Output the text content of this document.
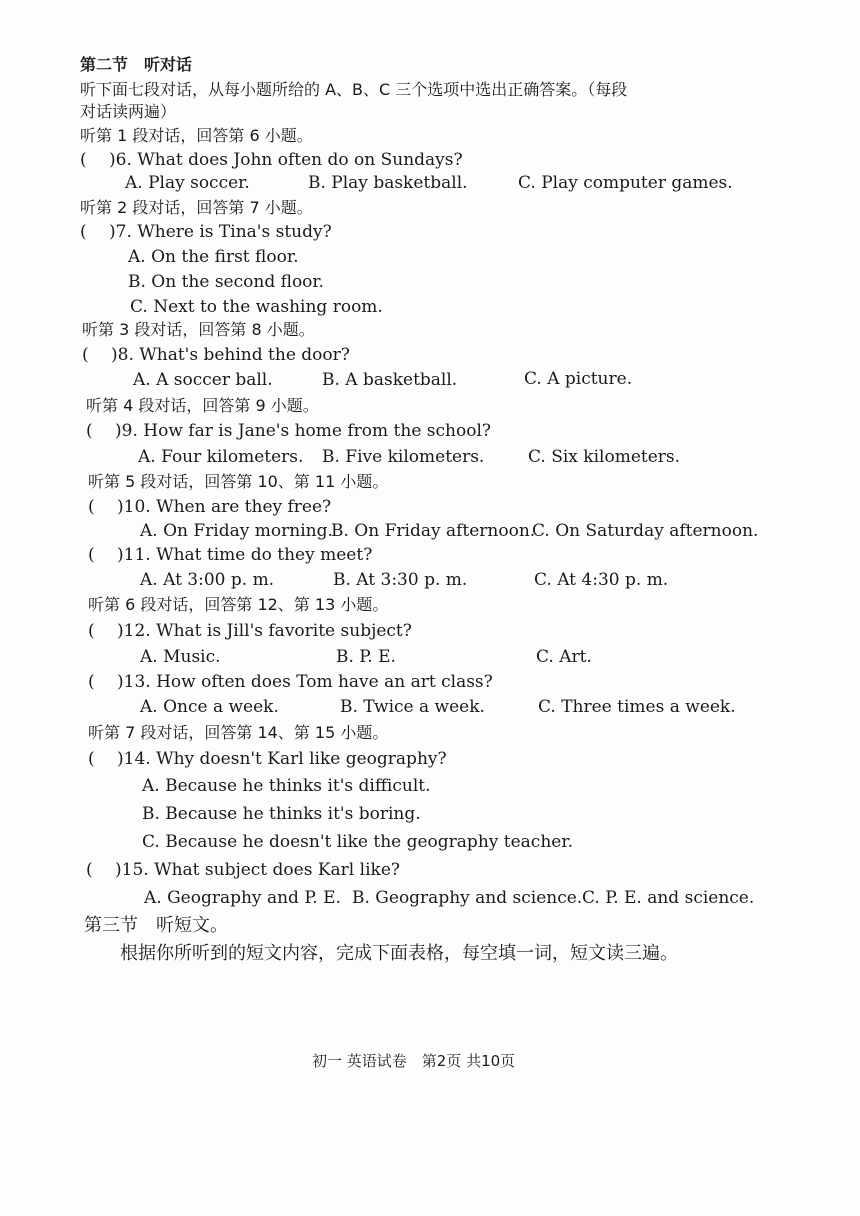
第二节　听对话
听下面七段对话，从每小题所给的 A、B、C 三个选项中选出正确答案。（每段
对话读两遍）
听第 1 段对话，回答第 6 小题。
(　 )6. What does John often do on Sundays?
A. Play soccer.	B. Play basketball.	C. Play computer games.
听第 2 段对话，回答第 7 小题。
(　 )7. Where is Tina's study?
A. On the first floor.
B. On the second floor.
C. Next to the washing room.
听第 3 段对话，回答第 8 小题。
(　 )8. What's behind the door?
A. A soccer ball.	B. A basketball.	C. A picture.
听第 4 段对话，回答第 9 小题。
(　 )9. How far is Jane's home from the school?
A. Four kilometers. B. Five kilometers.	C. Six kilometers.
听第 5 段对话，回答第 10、第 11 小题。
(　 )10. When are they free?
A. On Friday morning.
B. On Friday afternoon.
C. On Saturday afternoon.
(　 )11. What time do they meet?
A. At 3:00 p. m.	B. At 3:30 p. m.	C. At 4:30 p. m.
听第 6 段对话，回答第 12、第 13 小题。
(　 )12. What is Jill's favorite subject?
A. Music.	B. P. E.	C. Art.
(　 )13. How often does Tom have an art class?
A. Once a week.	B. Twice a week.	C. Three times a week.
听第 7 段对话，回答第 14、第 15 小题。
(　 )14. Why doesn't Karl like geography?
A. Because he thinks it's difficult.
B. Because he thinks it's boring.
C. Because he doesn't like the geography teacher.
(　 )15. What subject does Karl like?
A. Geography and P. E. B. Geography and science. C. P. E. and science.
第三节　听短文。
根据你所听到的短文内容，完成下面表格，每空填一词，短文读三遍。
初一 英语试卷　第2页 共10页
